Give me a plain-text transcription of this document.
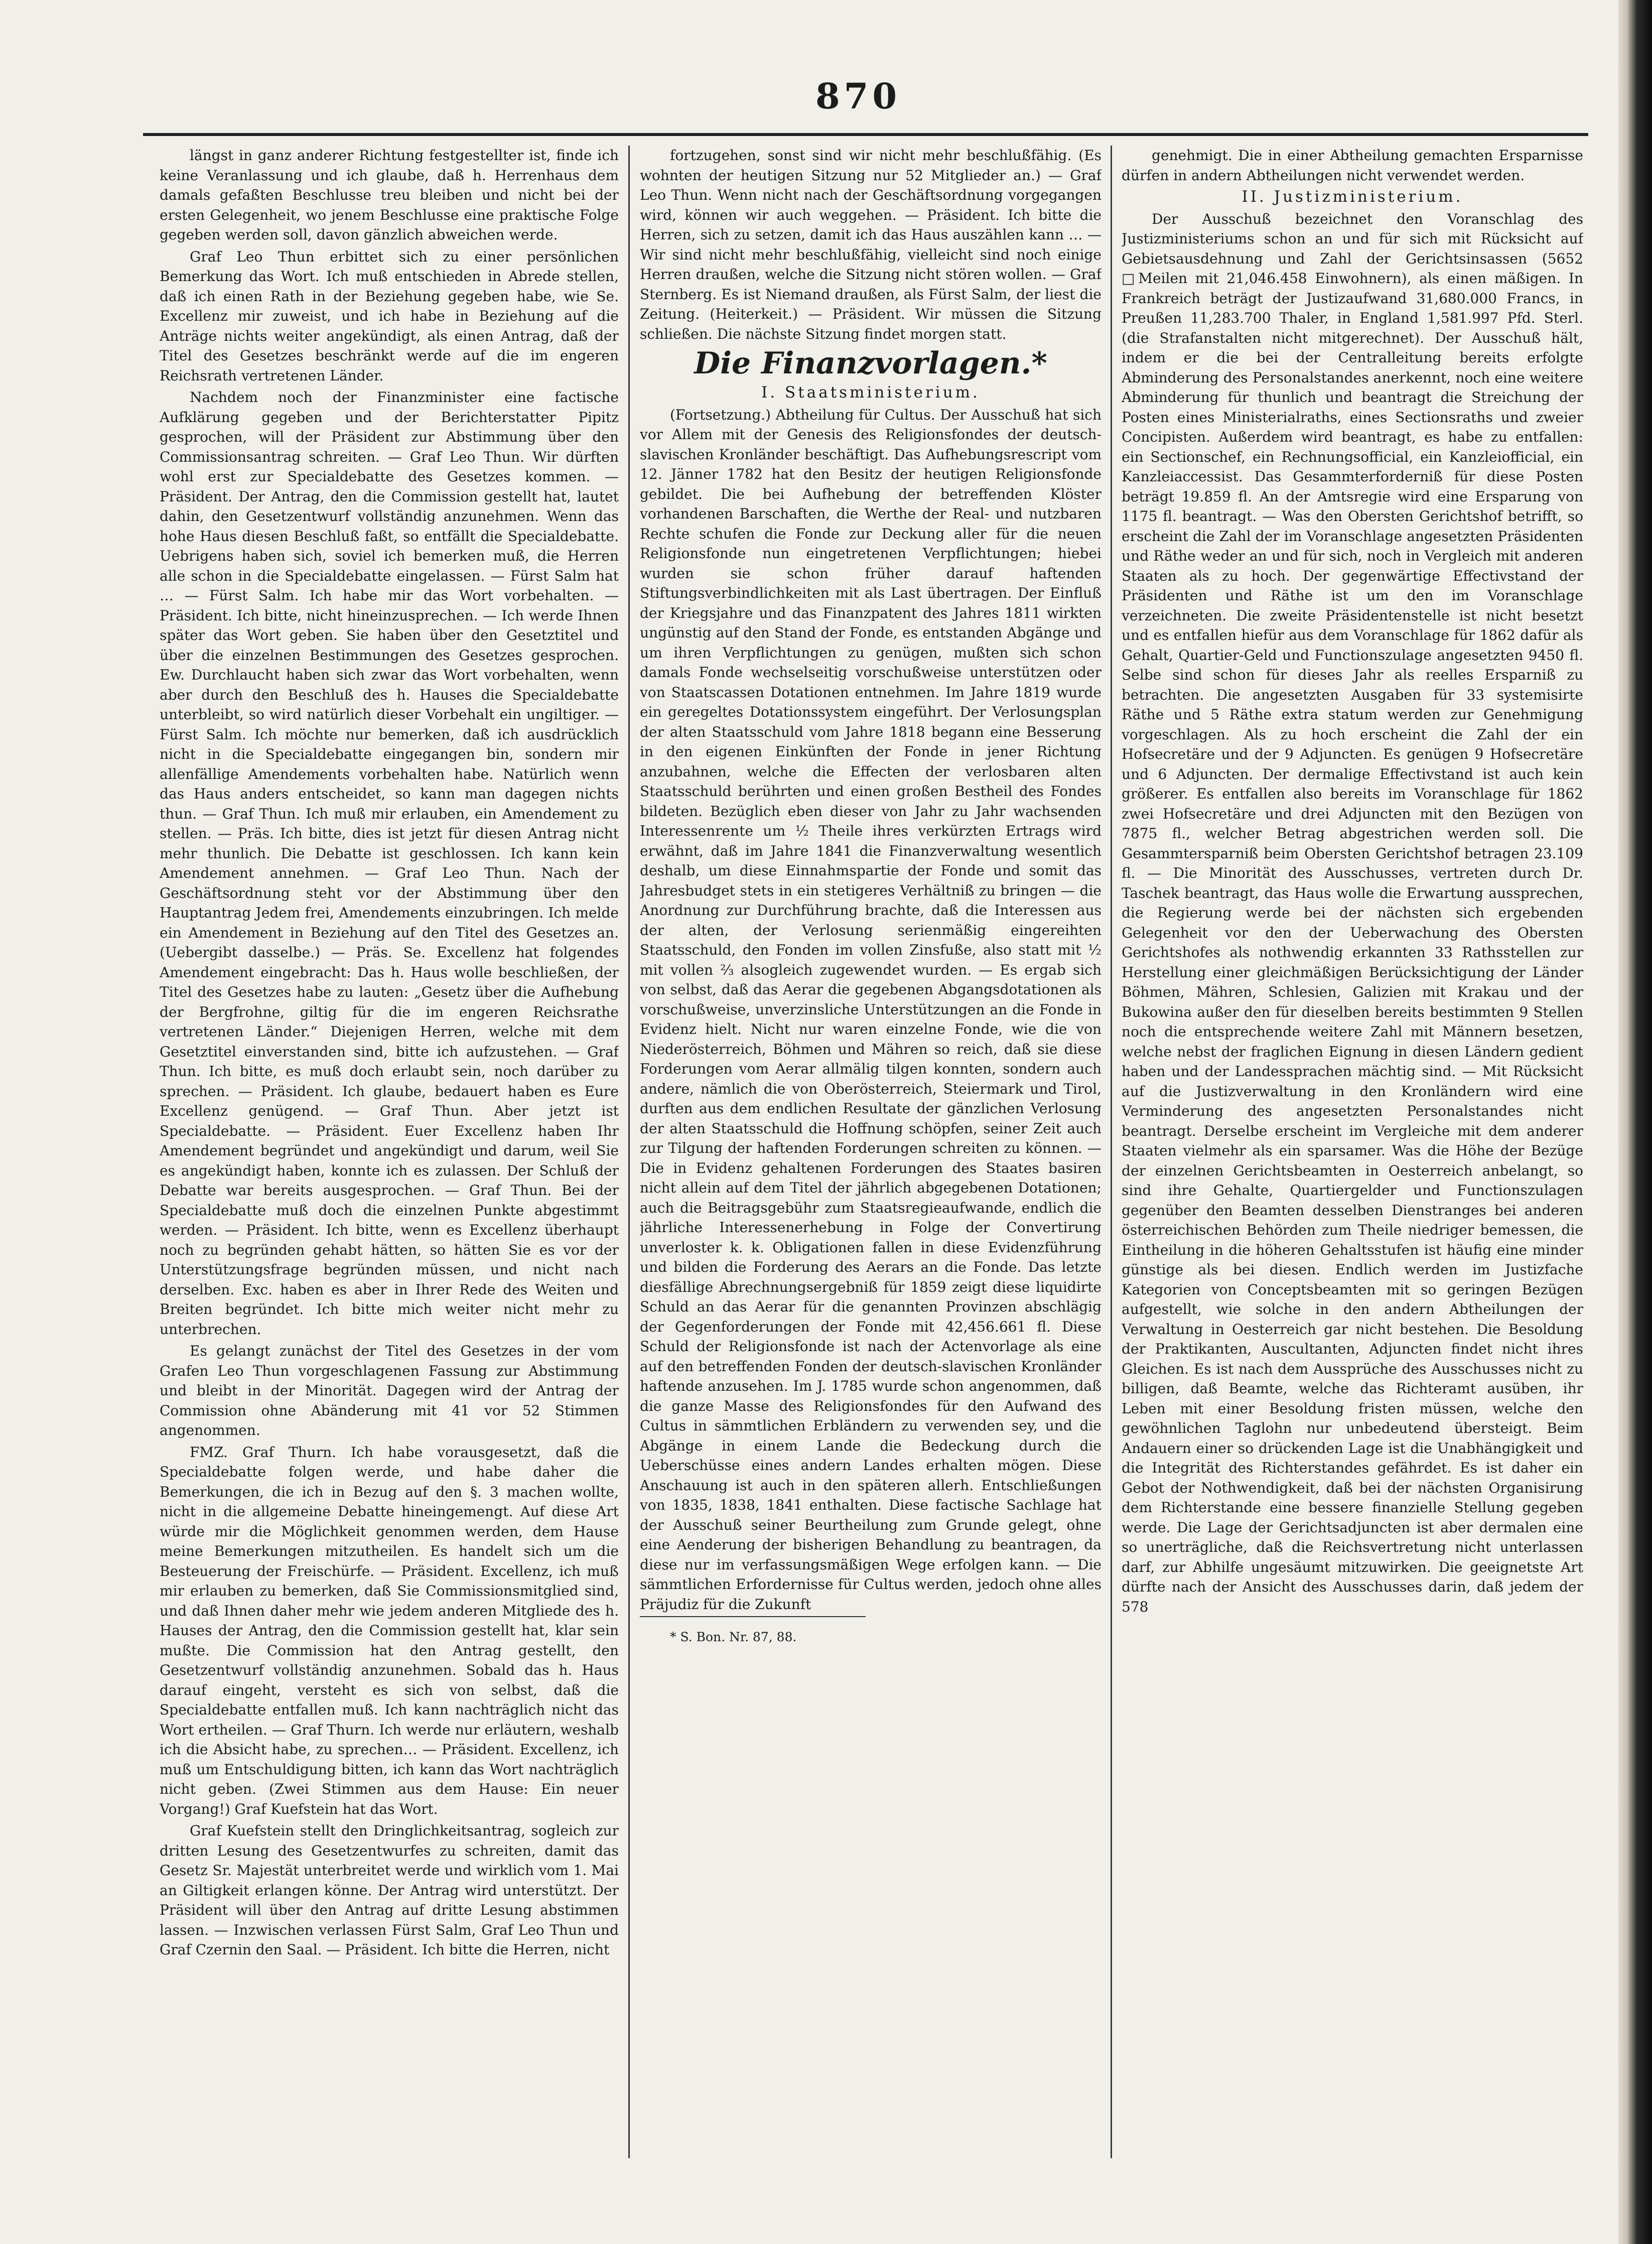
870

längst in ganz anderer Richtung festgestellter ist, finde ich keine Veranlassung und ich glaube, daß h. Herrenhaus dem damals gefaßten Beschlusse treu bleiben und nicht bei der ersten Gelegenheit, wo jenem Beschlusse eine praktische Folge gegeben werden soll, davon gänzlich abweichen werde.

Graf Leo Thun erbittet sich zu einer persönlichen Bemerkung das Wort. Ich muß entschieden in Abrede stellen, daß ich einen Rath in der Beziehung gegeben habe, wie Se. Excellenz mir zuweist, und ich habe in Beziehung auf die Anträge nichts weiter angekündigt, als einen Antrag, daß der Titel des Gesetzes beschränkt werde auf die im engeren Reichsrath vertretenen Länder.

Nachdem noch der Finanzminister eine factische Aufklärung gegeben und der Berichterstatter Pipitz gesprochen, will der Präsident zur Abstimmung über den Commissionsantrag schreiten. — Graf Leo Thun. Wir dürften wohl erst zur Specialdebatte des Gesetzes kommen. — Präsident. Der Antrag, den die Commission gestellt hat, lautet dahin, den Gesetzentwurf vollständig anzunehmen. Wenn das hohe Haus diesen Beschluß faßt, so entfällt die Specialdebatte. Uebrigens haben sich, soviel ich bemerken muß, die Herren alle schon in die Specialdebatte eingelassen. — Fürst Salm hat … — Fürst Salm. Ich habe mir das Wort vorbehalten. — Präsident. Ich bitte, nicht hineinzusprechen. — Ich werde Ihnen später das Wort geben. Sie haben über den Gesetztitel und über die einzelnen Bestimmungen des Gesetzes gesprochen. Ew. Durchlaucht haben sich zwar das Wort vorbehalten, wenn aber durch den Beschluß des h. Hauses die Specialdebatte unterbleibt, so wird natürlich dieser Vorbehalt ein ungiltiger. — Fürst Salm. Ich möchte nur bemerken, daß ich ausdrücklich nicht in die Specialdebatte eingegangen bin, sondern mir allenfällige Amendements vorbehalten habe. Natürlich wenn das Haus anders entscheidet, so kann man dagegen nichts thun. — Graf Thun. Ich muß mir erlauben, ein Amendement zu stellen. — Präs. Ich bitte, dies ist jetzt für diesen Antrag nicht mehr thunlich. Die Debatte ist geschlossen. Ich kann kein Amendement annehmen. — Graf Leo Thun. Nach der Geschäftsordnung steht vor der Abstimmung über den Hauptantrag Jedem frei, Amendements einzubringen. Ich melde ein Amendement in Beziehung auf den Titel des Gesetzes an. (Uebergibt dasselbe.) — Präs. Se. Excellenz hat folgendes Amendement eingebracht: Das h. Haus wolle beschließen, der Titel des Gesetzes habe zu lauten: „Gesetz über die Aufhebung der Bergfrohne, giltig für die im engeren Reichsrathe vertretenen Länder.“ Diejenigen Herren, welche mit dem Gesetztitel einverstanden sind, bitte ich aufzustehen. — Graf Thun. Ich bitte, es muß doch erlaubt sein, noch darüber zu sprechen. — Präsident. Ich glaube, bedauert haben es Eure Excellenz genügend. — Graf Thun. Aber jetzt ist Specialdebatte. — Präsident. Euer Excellenz haben Ihr Amendement begründet und angekündigt und darum, weil Sie es angekündigt haben, konnte ich es zulassen. Der Schluß der Debatte war bereits ausgesprochen. — Graf Thun. Bei der Specialdebatte muß doch die einzelnen Punkte abgestimmt werden. — Präsident. Ich bitte, wenn es Excellenz überhaupt noch zu begründen gehabt hätten, so hätten Sie es vor der Unterstützungsfrage begründen müssen, und nicht nach derselben. Exc. haben es aber in Ihrer Rede des Weiten und Breiten begründet. Ich bitte mich weiter nicht mehr zu unterbrechen.

Es gelangt zunächst der Titel des Gesetzes in der vom Grafen Leo Thun vorgeschlagenen Fassung zur Abstimmung und bleibt in der Minorität. Dagegen wird der Antrag der Commission ohne Abänderung mit 41 vor 52 Stimmen angenommen.

FMZ. Graf Thurn. Ich habe vorausgesetzt, daß die Specialdebatte folgen werde, und habe daher die Bemerkungen, die ich in Bezug auf den §. 3 machen wollte, nicht in die allgemeine Debatte hineingemengt. Auf diese Art würde mir die Möglichkeit genommen werden, dem Hause meine Bemerkungen mitzutheilen. Es handelt sich um die Besteuerung der Freischürfe. — Präsident. Excellenz, ich muß mir erlauben zu bemerken, daß Sie Commissionsmitglied sind, und daß Ihnen daher mehr wie jedem anderen Mitgliede des h. Hauses der Antrag, den die Commission gestellt hat, klar sein mußte. Die Commission hat den Antrag gestellt, den Gesetzentwurf vollständig anzunehmen. Sobald das h. Haus darauf eingeht, versteht es sich von selbst, daß die Specialdebatte entfallen muß. Ich kann nachträglich nicht das Wort ertheilen. — Graf Thurn. Ich werde nur erläutern, weshalb ich die Absicht habe, zu sprechen… — Präsident. Excellenz, ich muß um Entschuldigung bitten, ich kann das Wort nachträglich nicht geben. (Zwei Stimmen aus dem Hause: Ein neuer Vorgang!) Graf Kuefstein hat das Wort.

Graf Kuefstein stellt den Dringlichkeitsantrag, sogleich zur dritten Lesung des Gesetzentwurfes zu schreiten, damit das Gesetz Sr. Majestät unterbreitet werde und wirklich vom 1. Mai an Giltigkeit erlangen könne. Der Antrag wird unterstützt. Der Präsident will über den Antrag auf dritte Lesung abstimmen lassen. — Inzwischen verlassen Fürst Salm, Graf Leo Thun und Graf Czernin den Saal. — Präsident. Ich bitte die Herren, nicht

fortzugehen, sonst sind wir nicht mehr beschlußfähig. (Es wohnten der heutigen Sitzung nur 52 Mitglieder an.) — Graf Leo Thun. Wenn nicht nach der Geschäftsordnung vorgegangen wird, können wir auch weggehen. — Präsident. Ich bitte die Herren, sich zu setzen, damit ich das Haus auszählen kann … — Wir sind nicht mehr beschlußfähig, vielleicht sind noch einige Herren draußen, welche die Sitzung nicht stören wollen. — Graf Sternberg. Es ist Niemand draußen, als Fürst Salm, der liest die Zeitung. (Heiterkeit.) — Präsident. Wir müssen die Sitzung schließen. Die nächste Sitzung findet morgen statt.

Die Finanzvorlagen.*

I. Staatsministerium.

(Fortsetzung.) Abtheilung für Cultus. Der Ausschuß hat sich vor Allem mit der Genesis des Religionsfondes der deutsch-slavischen Kronländer beschäftigt. Das Aufhebungsrescript vom 12. Jänner 1782 hat den Besitz der heutigen Religionsfonde gebildet. Die bei Aufhebung der betreffenden Klöster vorhandenen Barschaften, die Werthe der Real- und nutzbaren Rechte schufen die Fonde zur Deckung aller für die neuen Religionsfonde nun eingetretenen Verpflichtungen; hiebei wurden sie schon früher darauf haftenden Stiftungsverbindlichkeiten mit als Last übertragen. Der Einfluß der Kriegsjahre und das Finanzpatent des Jahres 1811 wirkten ungünstig auf den Stand der Fonde, es entstanden Abgänge und um ihren Verpflichtungen zu genügen, mußten sich schon damals Fonde wechselseitig vorschußweise unterstützen oder von Staatscassen Dotationen entnehmen. Im Jahre 1819 wurde ein geregeltes Dotationssystem eingeführt. Der Verlosungsplan der alten Staatsschuld vom Jahre 1818 begann eine Besserung in den eigenen Einkünften der Fonde in jener Richtung anzubahnen, welche die Effecten der verlosbaren alten Staatsschuld berührten und einen großen Bestheil des Fondes bildeten. Bezüglich eben dieser von Jahr zu Jahr wachsenden Interessenrente um ½ Theile ihres verkürzten Ertrags wird erwähnt, daß im Jahre 1841 die Finanzverwaltung wesentlich deshalb, um diese Einnahmspartie der Fonde und somit das Jahresbudget stets in ein stetigeres Verhältniß zu bringen — die Anordnung zur Durchführung brachte, daß die Interessen aus der alten, der Verlosung serienmäßig eingereihten Staatsschuld, den Fonden im vollen Zinsfuße, also statt mit ½ mit vollen ⅔ alsogleich zugewendet wurden. — Es ergab sich von selbst, daß das Aerar die gegebenen Abgangsdotationen als vorschußweise, unverzinsliche Unterstützungen an die Fonde in Evidenz hielt. Nicht nur waren einzelne Fonde, wie die von Niederösterreich, Böhmen und Mähren so reich, daß sie diese Forderungen vom Aerar allmälig tilgen konnten, sondern auch andere, nämlich die von Oberösterreich, Steiermark und Tirol, durften aus dem endlichen Resultate der gänzlichen Verlosung der alten Staatsschuld die Hoffnung schöpfen, seiner Zeit auch zur Tilgung der haftenden Forderungen schreiten zu können. — Die in Evidenz gehaltenen Forderungen des Staates basiren nicht allein auf dem Titel der jährlich abgegebenen Dotationen; auch die Beitragsgebühr zum Staatsregieaufwande, endlich die jährliche Interessenerhebung in Folge der Convertirung unverloster k. k. Obligationen fallen in diese Evidenzführung und bilden die Forderung des Aerars an die Fonde. Das letzte diesfällige Abrechnungsergebniß für 1859 zeigt diese liquidirte Schuld an das Aerar für die genannten Provinzen abschlägig der Gegenforderungen der Fonde mit 42,456.661 fl. Diese Schuld der Religionsfonde ist nach der Actenvorlage als eine auf den betreffenden Fonden der deutsch-slavischen Kronländer haftende anzusehen. Im J. 1785 wurde schon angenommen, daß die ganze Masse des Religionsfondes für den Aufwand des Cultus in sämmtlichen Erbländern zu verwenden sey, und die Abgänge in einem Lande die Bedeckung durch die Ueberschüsse eines andern Landes erhalten mögen. Diese Anschauung ist auch in den späteren allerh. Entschließungen von 1835, 1838, 1841 enthalten. Diese factische Sachlage hat der Ausschuß seiner Beurtheilung zum Grunde gelegt, ohne eine Aenderung der bisherigen Behandlung zu beantragen, da diese nur im verfassungsmäßigen Wege erfolgen kann. — Die sämmtlichen Erfordernisse für Cultus werden, jedoch ohne alles Präjudiz für die Zukunft

* S. Bon. Nr. 87, 88.

genehmigt. Die in einer Abtheilung gemachten Ersparnisse dürfen in andern Abtheilungen nicht verwendet werden.

II. Justizministerium.

Der Ausschuß bezeichnet den Voranschlag des Justizministeriums schon an und für sich mit Rücksicht auf Gebietsausdehnung und Zahl der Gerichtsinsassen (5652 □Meilen mit 21,046.458 Einwohnern), als einen mäßigen. In Frankreich beträgt der Justizaufwand 31,680.000 Francs, in Preußen 11,283.700 Thaler, in England 1,581.997 Pfd. Sterl. (die Strafanstalten nicht mitgerechnet). Der Ausschuß hält, indem er die bei der Centralleitung bereits erfolgte Abminderung des Personalstandes anerkennt, noch eine weitere Abminderung für thunlich und beantragt die Streichung der Posten eines Ministerialraths, eines Sectionsraths und zweier Concipisten. Außerdem wird beantragt, es habe zu entfallen: ein Sectionschef, ein Rechnungsofficial, ein Kanzleiofficial, ein Kanzleiaccessist. Das Gesammterforderniß für diese Posten beträgt 19.859 fl. An der Amtsregie wird eine Ersparung von 1175 fl. beantragt. — Was den Obersten Gerichtshof betrifft, so erscheint die Zahl der im Voranschlage angesetzten Präsidenten und Räthe weder an und für sich, noch in Vergleich mit anderen Staaten als zu hoch. Der gegenwärtige Effectivstand der Präsidenten und Räthe ist um den im Voranschlage verzeichneten. Die zweite Präsidentenstelle ist nicht besetzt und es entfallen hiefür aus dem Voranschlage für 1862 dafür als Gehalt, Quartier-Geld und Functionszulage angesetzten 9450 fl. Selbe sind schon für dieses Jahr als reelles Ersparniß zu betrachten. Die angesetzten Ausgaben für 33 systemisirte Räthe und 5 Räthe extra statum werden zur Genehmigung vorgeschlagen. Als zu hoch erscheint die Zahl der ein Hofsecretäre und der 9 Adjuncten. Es genügen 9 Hofsecretäre und 6 Adjuncten. Der dermalige Effectivstand ist auch kein größerer. Es entfallen also bereits im Voranschlage für 1862 zwei Hofsecretäre und drei Adjuncten mit den Bezügen von 7875 fl., welcher Betrag abgestrichen werden soll. Die Gesammtersparniß beim Obersten Gerichtshof betragen 23.109 fl. — Die Minorität des Ausschusses, vertreten durch Dr. Taschek beantragt, das Haus wolle die Erwartung aussprechen, die Regierung werde bei der nächsten sich ergebenden Gelegenheit vor den der Ueberwachung des Obersten Gerichtshofes als nothwendig erkannten 33 Rathsstellen zur Herstellung einer gleichmäßigen Berücksichtigung der Länder Böhmen, Mähren, Schlesien, Galizien mit Krakau und der Bukowina außer den für dieselben bereits bestimmten 9 Stellen noch die entsprechende weitere Zahl mit Männern besetzen, welche nebst der fraglichen Eignung in diesen Ländern gedient haben und der Landessprachen mächtig sind. — Mit Rücksicht auf die Justizverwaltung in den Kronländern wird eine Verminderung des angesetzten Personalstandes nicht beantragt. Derselbe erscheint im Vergleiche mit dem anderer Staaten vielmehr als ein sparsamer. Was die Höhe der Bezüge der einzelnen Gerichtsbeamten in Oesterreich anbelangt, so sind ihre Gehalte, Quartiergelder und Functionszulagen gegenüber den Beamten desselben Dienstranges bei anderen österreichischen Behörden zum Theile niedriger bemessen, die Eintheilung in die höheren Gehaltsstufen ist häufig eine minder günstige als bei diesen. Endlich werden im Justizfache Kategorien von Conceptsbeamten mit so geringen Bezügen aufgestellt, wie solche in den andern Abtheilungen der Verwaltung in Oesterreich gar nicht bestehen. Die Besoldung der Praktikanten, Auscultanten, Adjuncten findet nicht ihres Gleichen. Es ist nach dem Aussprüche des Ausschusses nicht zu billigen, daß Beamte, welche das Richteramt ausüben, ihr Leben mit einer Besoldung fristen müssen, welche den gewöhnlichen Taglohn nur unbedeutend übersteigt. Beim Andauern einer so drückenden Lage ist die Unabhängigkeit und die Integrität des Richterstandes gefährdet. Es ist daher ein Gebot der Nothwendigkeit, daß bei der nächsten Organisirung dem Richterstande eine bessere finanzielle Stellung gegeben werde. Die Lage der Gerichtsadjuncten ist aber dermalen eine so unerträgliche, daß die Reichsvertretung nicht unterlassen darf, zur Abhilfe ungesäumt mitzuwirken. Die geeignetste Art dürfte nach der Ansicht des Ausschusses darin, daß jedem der 578
